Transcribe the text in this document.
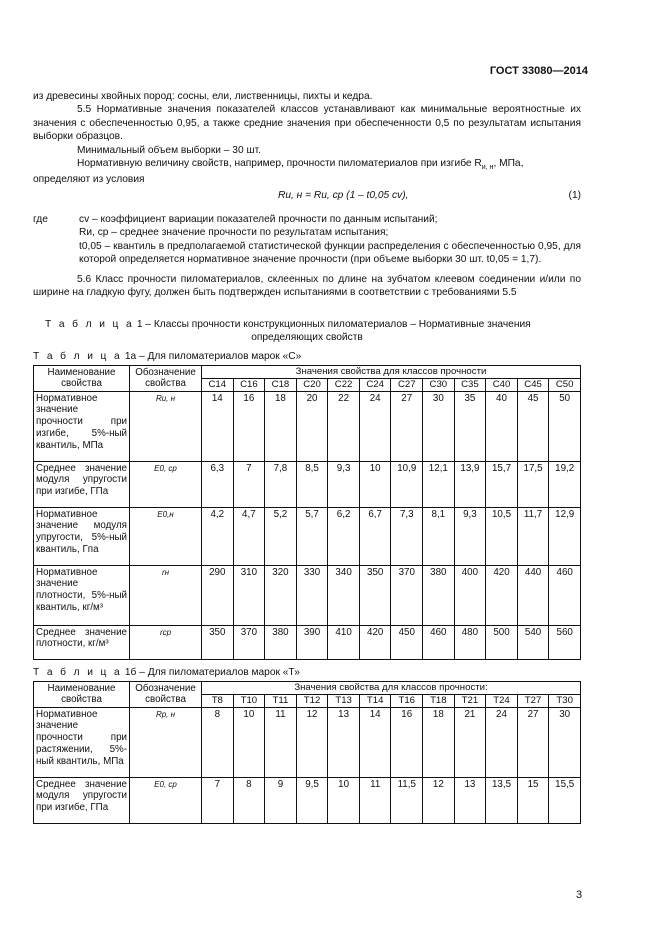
ГОСТ 33080—2014

из древесины хвойных пород: сосны, ели, лиственницы, пихты и кедра.

5.5 Нормативные значения показателей классов устанавливают как минимальные вероятностные их значения с обеспеченностью 0,95, а также средние значения при обеспеченности 0,5 по результатам испытания выборки образцов.

Минимальный объем выборки – 30 шт.

Нормативную величину свойств, например, прочности пиломатериалов при изгибе $R_{и, н}$, МПа,

определяют из условия

Rи, н = Rи, ср (1 – t0,05 cv),	(1)
где	cv – коэффициент вариации показателей прочности по данным испытаний;
Rи, ср – среднее значение прочности по результатам испытания;
t0,05 – квантиль в предполагаемой статистической функции распределения с обеспеченностью 0,95, для которой определяется нормативное значение прочности (при объеме выборки 30 шт. t0,05 = 1,7).

5.6 Класс прочности пиломатериалов, склеенных по длине на зубчатом клеевом соединении и/или по ширине на гладкую фугу, должен быть подтвержден испытаниями в соответствии с требованиями 5.5

Т а б л и ц а 1 – Классы прочности конструкционных пиломатериалов – Нормативные значения
определяющих свойств
Т а б л и ц а 1а – Для пиломатериалов марок «С»
Наименование свойства	Обозначение свойства	Значения свойства для классов прочности											
		С14	С16	С18	С20	С22	С24	С27	С30	С35	С40	С45	С50
Нормативное значение прочности при изгибе, 5%-ный квантиль, МПа	Rи, н	14	16	18	20	22	24	27	30	35	40	45	50
Среднее значение модуля упругости при изгибе, ГПа	E0, ср	6,3	7	7,8	8,5	9,3	10	10,9	12,1	13,9	15,7	17,5	19,2
Нормативное значение модуля упругости, 5%-ный квантиль, Гпа	E0,н	4,2	4,7	5,2	5,7	6,2	6,7	7,3	8,1	9,3	10,5	11,7	12,9
Нормативное значение плотности, 5%-ный квантиль, кг/м³	rн	290	310	320	330	340	350	370	380	400	420	440	460
Среднее значение плотности, кг/м³	rср	350	370	380	390	410	420	450	460	480	500	540	560
Т а б л и ц а 1б – Для пиломатериалов марок «Т»
Наименование свойства	Обозначение свойства	Значения свойства для классов прочности:											
		Т8	Т10	Т11	Т12	Т13	Т14	Т16	Т18	Т21	Т24	Т27	Т30
Нормативное значение прочности при растяжении, 5%-ный квантиль, МПа	Rр, н	8	10	11	12	13	14	16	18	21	24	27	30
Среднее значение модуля упругости при изгибе, ГПа	E0, ср	7	8	9	9,5	10	11	11,5	12	13	13,5	15	15,5
3
